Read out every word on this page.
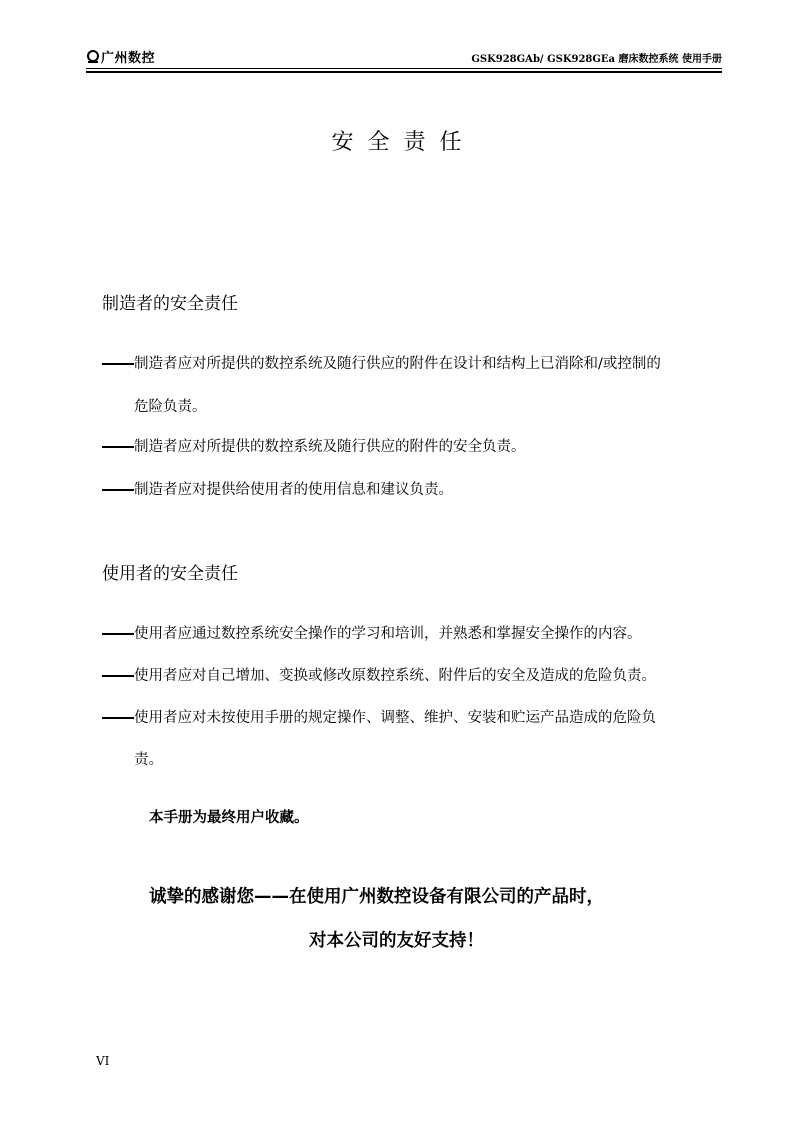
广州数控	GSK928GAb/ GSK928GEa 磨床数控系统 使用手册
安全责任
制造者的安全责任
制造者应对所提供的数控系统及随行供应的附件在设计和结构上已消除和/或控制的
危险负责。
制造者应对所提供的数控系统及随行供应的附件的安全负责。
制造者应对提供给使用者的使用信息和建议负责。
使用者的安全责任
使用者应通过数控系统安全操作的学习和培训，并熟悉和掌握安全操作的内容。
使用者应对自己增加、变换或修改原数控系统、附件后的安全及造成的危险负责。
使用者应对未按使用手册的规定操作、调整、维护、安装和贮运产品造成的危险负
责。
本手册为最终用户收藏。
诚挚的感谢您——在使用广州数控设备有限公司的产品时，
对本公司的友好支持！
VI
